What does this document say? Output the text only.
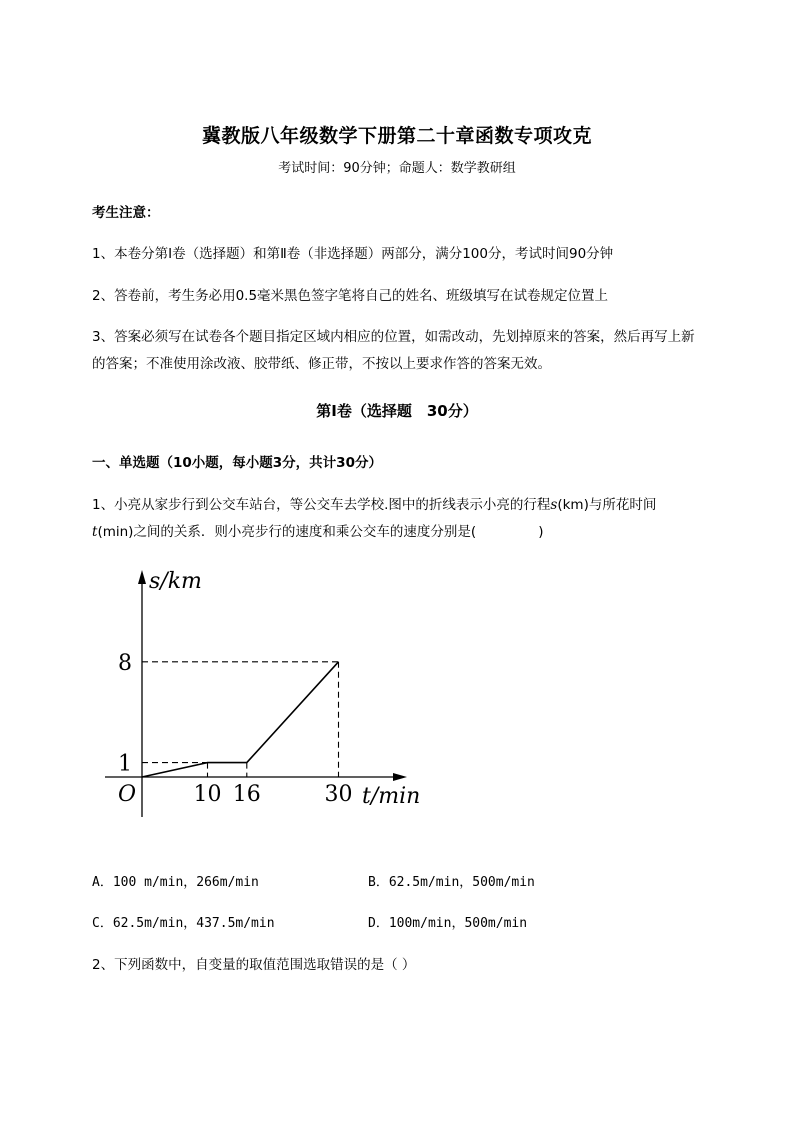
冀教版八年级数学下册第二十章函数专项攻克
考试时间：90分钟；命题人：数学教研组
考生注意：
1、本卷分第I卷（选择题）和第Ⅱ卷（非选择题）两部分，满分100分，考试时间90分钟
2、答卷前，考生务必用0.5毫米黑色签字笔将自己的姓名、班级填写在试卷规定位置上
3、答案必须写在试卷各个题目指定区域内相应的位置，如需改动，先划掉原来的答案，然后再写上新
的答案；不准使用涂改液、胶带纸、修正带，不按以上要求作答的答案无效。
第I卷（选择题　30分）
一、单选题（10小题，每小题3分，共计30分）
1、小亮从家步行到公交车站台，等公交车去学校.图中的折线表示小亮的行程s(km)与所花时间
t(min)之间的关系．则小亮步行的速度和乘公交车的速度分别是(	)
s/km
t/min
O	10 16	30
1
8
A．100 m/min，266m/min	B．62.5m/min，500m/min
C．62.5m/min，437.5m/min	D．100m/min，500m/min
2、下列函数中，自变量的取值范围选取错误的是（ ）
